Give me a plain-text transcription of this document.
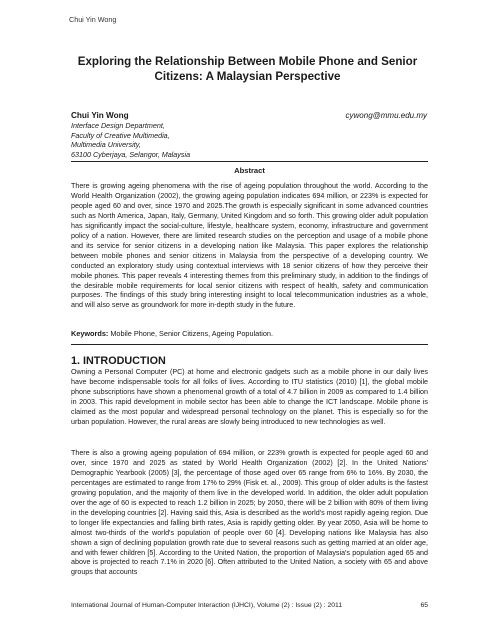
Chui Yin Wong
Exploring the Relationship Between Mobile Phone and Senior Citizens: A Malaysian Perspective
Chui Yin Wong	cywong@mmu.edu.my
Interface Design Department,
Faculty of Creative Multimedia,
Multimedia University,
63100 Cyberjaya, Selangor, Malaysia
Abstract

There is growing ageing phenomena with the rise of ageing population throughout the world. According to the World Health Organization (2002), the growing ageing population indicates 694 million, or 223% is expected for people aged 60 and over, since 1970 and 2025.The growth is especially significant in some advanced countries such as North America, Japan, Italy, Germany, United Kingdom and so forth. This growing older adult population has significantly impact the social-culture, lifestyle, healthcare system, economy, infrastructure and government policy of a nation. However, there are limited research studies on the perception and usage of a mobile phone and its service for senior citizens in a developing nation like Malaysia. This paper explores the relationship between mobile phones and senior citizens in Malaysia from the perspective of a developing country. We conducted an exploratory study using contextual interviews with 18 senior citizens of how they perceive their mobile phones. This paper reveals 4 interesting themes from this preliminary study, in addition to the findings of the desirable mobile requirements for local senior citizens with respect of health, safety and communication purposes. The findings of this study bring interesting insight to local telecommunication industries as a whole, and will also serve as groundwork for more in-depth study in the future.

Keywords: Mobile Phone, Senior Citizens, Ageing Population.
1. INTRODUCTION

Owning a Personal Computer (PC) at home and electronic gadgets such as a mobile phone in our daily lives have become indispensable tools for all folks of lives. According to ITU statistics (2010) [1], the global mobile phone subscriptions have shown a phenomenal growth of a total of 4.7 billion in 2009 as compared to 1.4 billion in 2003. This rapid development in mobile sector has been able to change the ICT landscape. Mobile phone is claimed as the most popular and widespread personal technology on the planet. This is especially so for the urban population. However, the rural areas are slowly being introduced to new technologies as well.

There is also a growing ageing population of 694 million, or 223% growth is expected for people aged 60 and over, since 1970 and 2025 as stated by World Health Organization (2002) [2]. In the United Nations' Demographic Yearbook (2005) [3], the percentage of those aged over 65 range from 6% to 16%. By 2030, the percentages are estimated to range from 17% to 29% (Fisk et. al., 2009). This group of older adults is the fastest growing population, and the majority of them live in the developed world. In addition, the older adult population over the age of 60 is expected to reach 1.2 billion in 2025; by 2050, there will be 2 billion with 80% of them living in the developing countries [2]. Having said this, Asia is described as the world's most rapidly ageing region. Due to longer life expectancies and falling birth rates, Asia is rapidly getting older. By year 2050, Asia will be home to almost two-thirds of the world's population of people over 60 [4]. Developing nations like Malaysia has also shown a sign of declining population growth rate due to several reasons such as getting married at an older age, and with fewer children [5]. According to the United Nation, the proportion of Malaysia's population aged 65 and above is projected to reach 7.1% in 2020 [6]. Often attributed to the United Nation, a society with 65 and above groups that accounts

International Journal of Human-Computer Interaction (IJHCI), Volume (2) : Issue (2) : 2011	65
